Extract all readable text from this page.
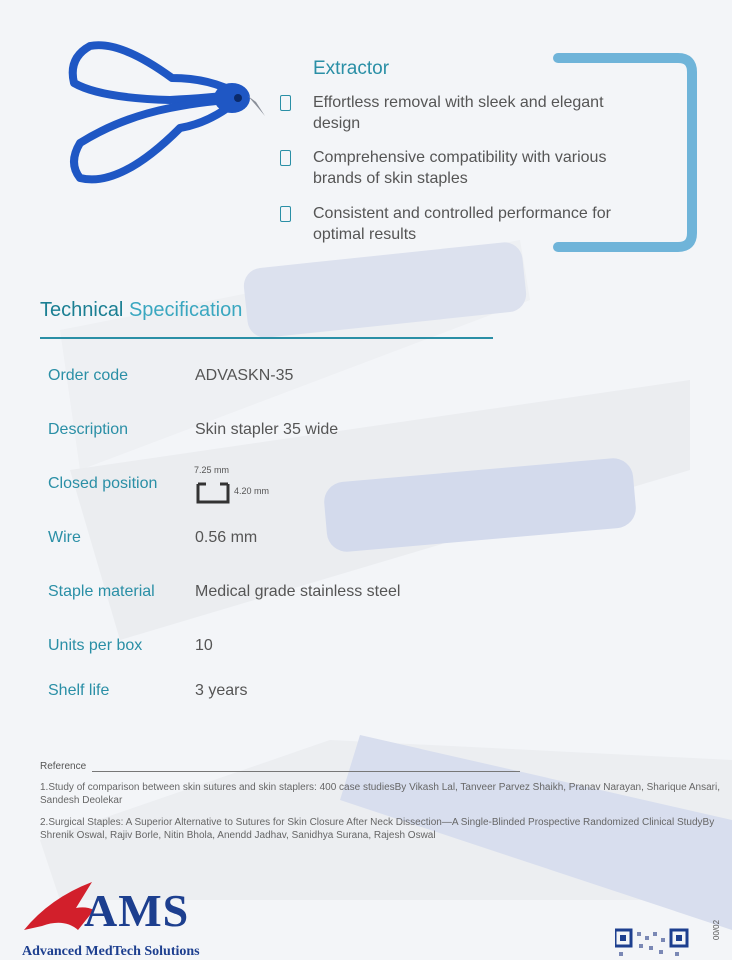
Extractor
Effortless removal with sleek and elegant design
Comprehensive compatibility with various brands of skin staples
Consistent and controlled performance for optimal results
Technical Specification
Order code	ADVASKN-35
Description	Skin stapler 35 wide
Closed position
7.25 mm
4.20 mm
Wire	0.56 mm
Staple material	Medical grade stainless steel
Units per box	10
Shelf life	3 years
Reference
1.Study of comparison between skin sutures and skin staplers: 400 case studiesBy Vikash Lal, Tanveer Parvez Shaikh, Pranav Narayan, Sharique Ansari, Sandesh Deolekar
2.Surgical Staples: A Superior Alternative to Sutures for Skin Closure After Neck Dissection—A Single-Blinded Prospective Randomized Clinical StudyBy Shrenik Oswal, Rajiv Borle, Nitin Bhola, Anendd Jadhav, Sanidhya Surana, Rajesh Oswal
AMS
Advanced MedTech Solutions
00/02
